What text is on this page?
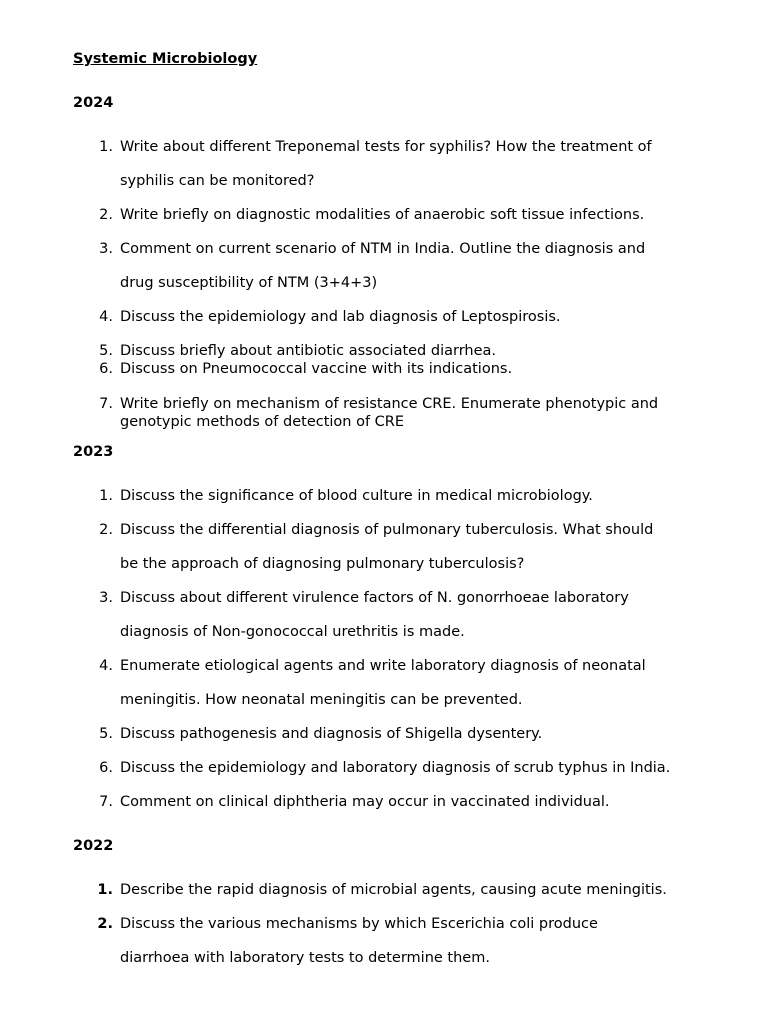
Systemic Microbiology

2024

1. Write about different Treponemal tests for syphilis? How the treatment of
syphilis can be monitored?
2. Write briefly on diagnostic modalities of anaerobic soft tissue infections.
3. Comment on current scenario of NTM in India. Outline the diagnosis and
drug susceptibility of NTM (3+4+3)
4. Discuss the epidemiology and lab diagnosis of Leptospirosis.
5. Discuss briefly about antibiotic associated diarrhea.
6. Discuss on Pneumococcal vaccine with its indications.
7. Write briefly on mechanism of resistance CRE. Enumerate phenotypic and
genotypic methods of detection of CRE

2023

1. Discuss the significance of blood culture in medical microbiology.
2. Discuss the differential diagnosis of pulmonary tuberculosis. What should
be the approach of diagnosing pulmonary tuberculosis?
3. Discuss about different virulence factors of N. gonorrhoeae laboratory
diagnosis of Non-gonococcal urethritis is made.
4. Enumerate etiological agents and write laboratory diagnosis of neonatal
meningitis. How neonatal meningitis can be prevented.
5. Discuss pathogenesis and diagnosis of Shigella dysentery.
6. Discuss the epidemiology and laboratory diagnosis of scrub typhus in India.
7. Comment on clinical diphtheria may occur in vaccinated individual.

2022

1. Describe the rapid diagnosis of microbial agents, causing acute meningitis.
2. Discuss the various mechanisms by which Escerichia coli produce
diarrhoea with laboratory tests to determine them.
